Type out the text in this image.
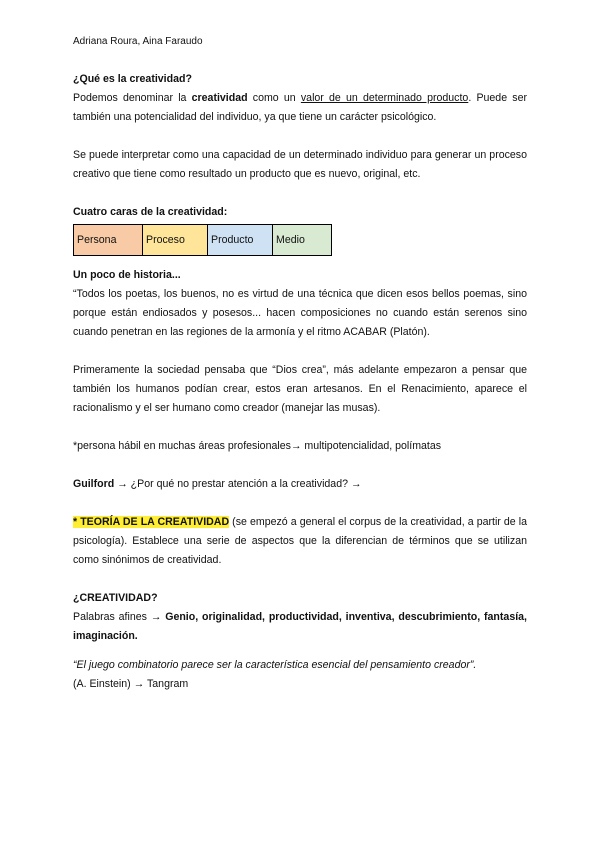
Adriana Roura, Aina Faraudo

¿Qué es la creatividad?

Podemos denominar la creatividad como un valor de un determinado producto. Puede ser también una potencialidad del individuo, ya que tiene un carácter psicológico.

Se puede interpretar como una capacidad de un determinado individuo para generar un proceso creativo que tiene como resultado un producto que es nuevo, original, etc.

Cuatro caras de la creatividad:

Persona	Proceso	Producto	Medio

Un poco de historia...

“Todos los poetas, los buenos, no es virtud de una técnica que dicen esos bellos poemas, sino porque están endiosados y posesos... hacen composiciones no cuando están serenos sino cuando penetran en las regiones de la armonía y el ritmo ACABAR (Platón).

Primeramente la sociedad pensaba que “Dios crea”, más adelante empezaron a pensar que también los humanos podían crear, estos eran artesanos. En el Renacimiento, aparece el racionalismo y el ser humano como creador (manejar las musas).

*persona hábil en muchas áreas profesionales→ multipotencialidad, polímatas

Guilford → ¿Por qué no prestar atención a la creatividad? →

* TEORÍA DE LA CREATIVIDAD (se empezó a general el corpus de la creatividad, a partir de la psicología). Establece una serie de aspectos que la diferencian de términos que se utilizan como sinónimos de creatividad.

¿CREATIVIDAD?

Palabras afines → Genio, originalidad, productividad, inventiva, descubrimiento, fantasía, imaginación.

“El juego combinatorio parece ser la característica esencial del pensamiento creador”.

(A. Einstein) → Tangram
